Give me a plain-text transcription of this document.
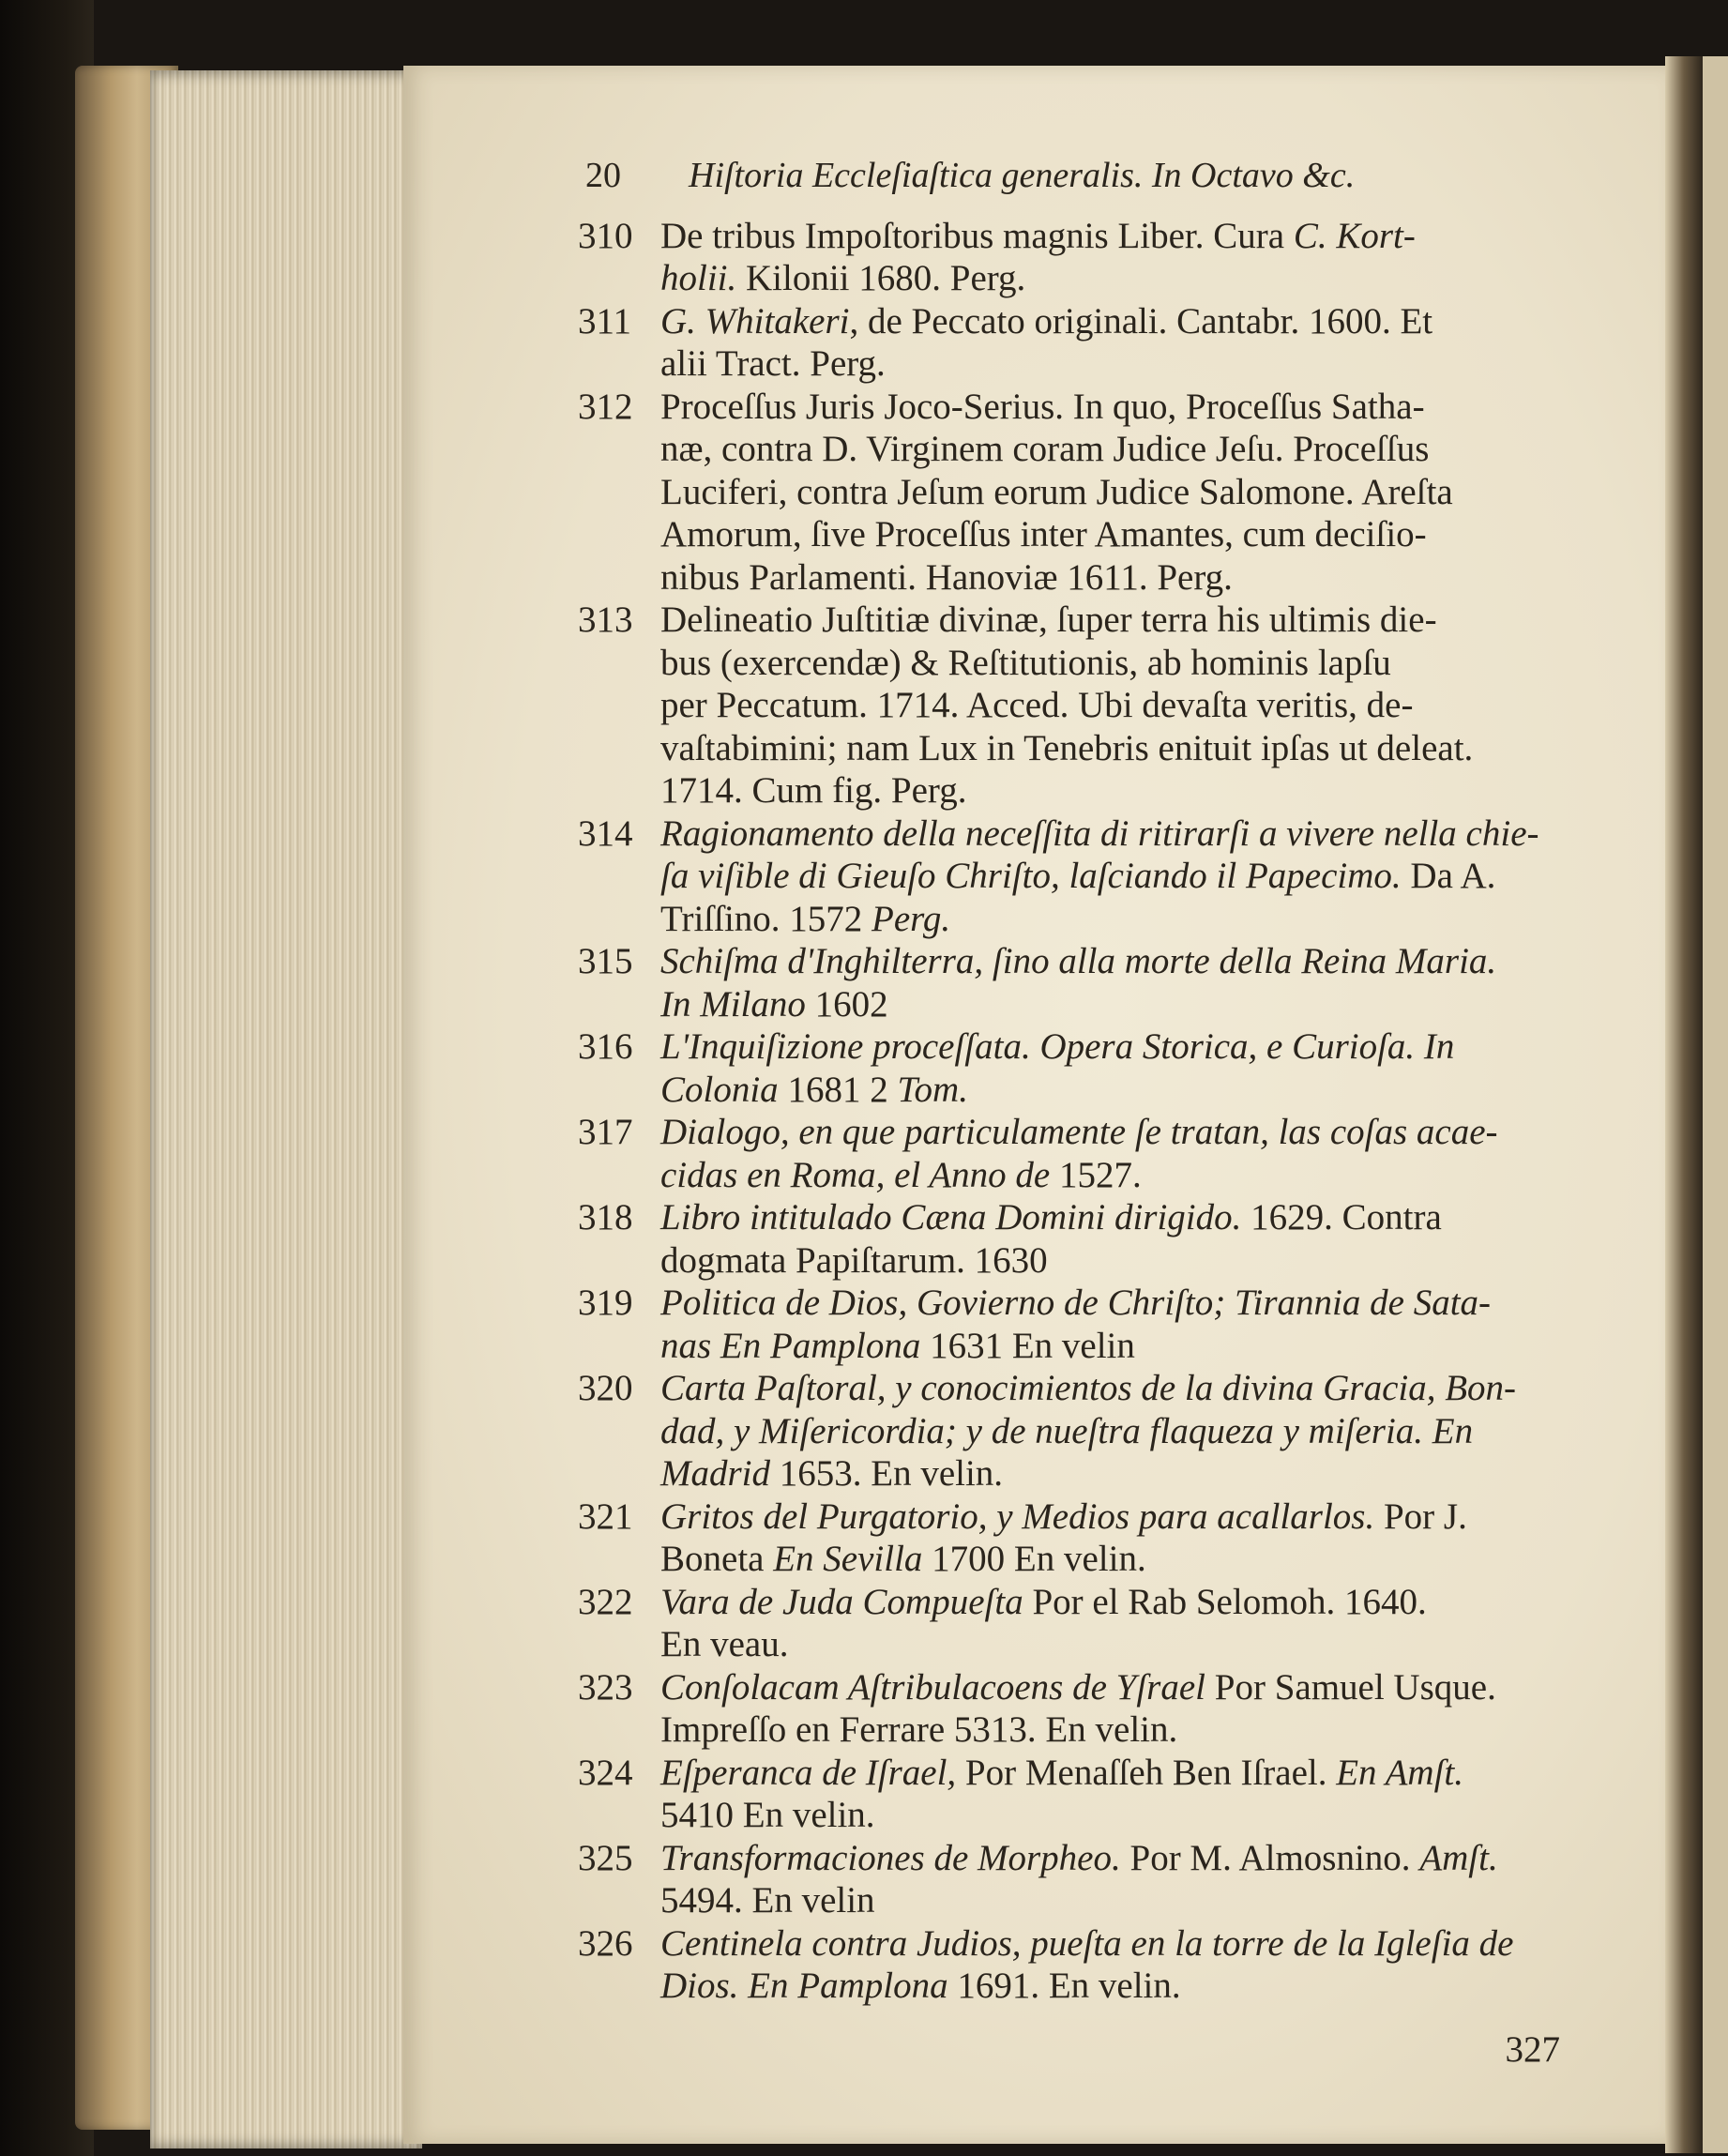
20	Hiſtoria Eccleſiaſtica generalis. In Octavo &c.
310 De tribus Impoſtoribus magnis Liber. Cura C. Kort-
holii. Kilonii 1680. Perg.
311 G. Whitakeri, de Peccato originali. Cantabr. 1600. Et
alii Tract. Perg.
312 Proceſſus Juris Joco-Serius. In quo, Proceſſus Satha-
næ, contra D. Virginem coram Judice Jeſu. Proceſſus
Luciferi, contra Jeſum eorum Judice Salomone. Areſta
Amorum, ſive Proceſſus inter Amantes, cum deciſio-
nibus Parlamenti. Hanoviæ 1611. Perg.
313 Delineatio Juſtitiæ divinæ, ſuper terra his ultimis die-
bus (exercendæ) & Reſtitutionis, ab hominis lapſu
per Peccatum. 1714. Acced. Ubi devaſta veritis, de-
vaſtabimini; nam Lux in Tenebris enituit ipſas ut deleat.
1714. Cum fig. Perg.
314 Ragionamento della neceſſita di ritirarſi a vivere nella chie-
ſa viſible di Gieuſo Chriſto, laſciando il Papecimo. Da A.
Triſſino. 1572 Perg.
315 Schiſma d'Inghilterra, ſino alla morte della Reina Maria.
In Milano 1602
316 L'Inquiſizione proceſſata. Opera Storica, e Curioſa. In
Colonia 1681 2 Tom.
317 Dialogo, en que particulamente ſe tratan, las coſas acae-
cidas en Roma, el Anno de 1527.
318 Libro intitulado Cæna Domini dirigido. 1629. Contra
dogmata Papiſtarum. 1630
319 Politica de Dios, Govierno de Chriſto; Tirannia de Sata-
nas En Pamplona 1631 En velin
320 Carta Paſtoral, y conocimientos de la divina Gracia, Bon-
dad, y Miſericordia; y de nueſtra flaqueza y miſeria. En
Madrid 1653. En velin.
321 Gritos del Purgatorio, y Medios para acallarlos. Por J.
Boneta En Sevilla 1700 En velin.
322 Vara de Juda Compueſta Por el Rab Selomoh. 1640.
En veau.
323 Conſolacam Aſtribulacoens de Yſrael Por Samuel Usque.
Impreſſo en Ferrare 5313. En velin.
324 Eſperanca de Iſrael, Por Menaſſeh Ben Iſrael. En Amſt.
5410 En velin.
325 Transformaciones de Morpheo. Por M. Almosnino. Amſt.
5494. En velin
326 Centinela contra Judios, pueſta en la torre de la Igleſia de
Dios. En Pamplona 1691. En velin.
327
